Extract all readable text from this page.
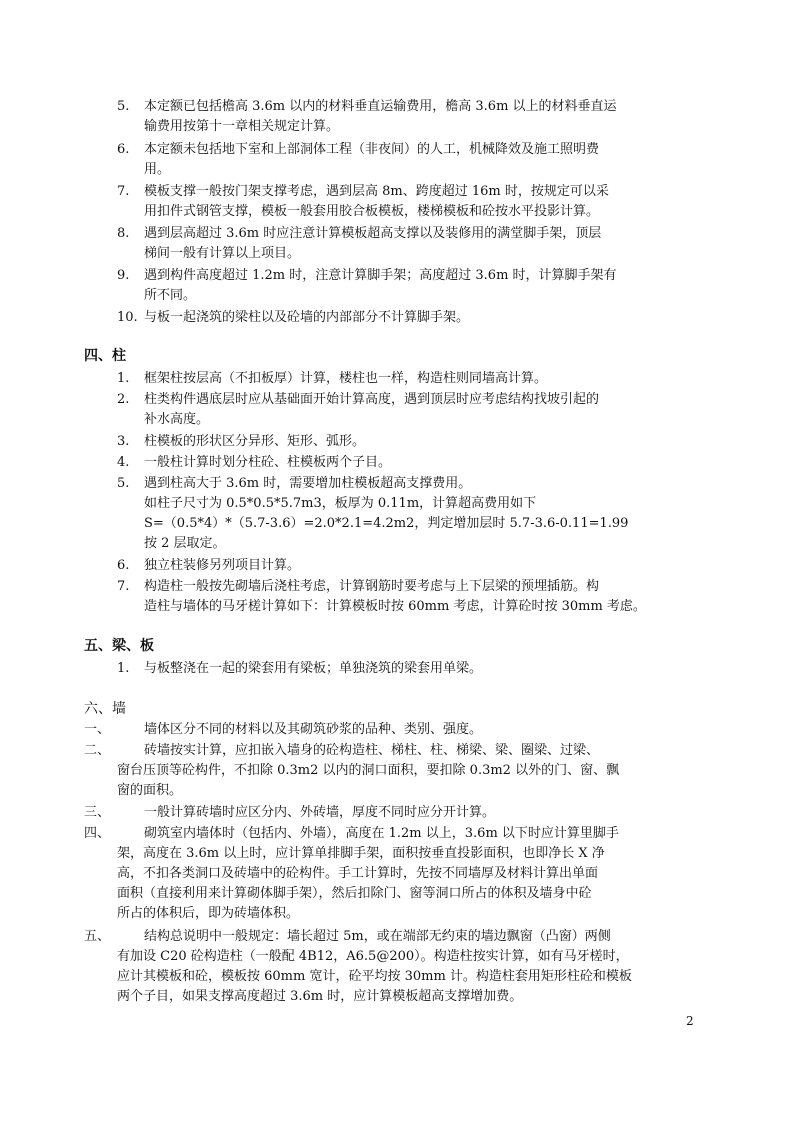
5. 本定额已包括檐高 3.6m 以内的材料垂直运输费用，檐高 3.6m 以上的材料垂直运
输费用按第十一章相关规定计算。
6. 本定额未包括地下室和上部洞体工程（非夜间）的人工，机械降效及施工照明费
用。
7. 模板支撑一般按门架支撑考虑，遇到层高 8m、跨度超过 16m 时，按规定可以采
用扣件式钢管支撑，模板一般套用胶合板模板，楼梯模板和砼按水平投影计算。
8. 遇到层高超过 3.6m 时应注意计算模板超高支撑以及装修用的满堂脚手架，顶层
梯间一般有计算以上项目。
9. 遇到构件高度超过 1.2m 时，注意计算脚手架；高度超过 3.6m 时，计算脚手架有
所不同。
10. 与板一起浇筑的梁柱以及砼墙的内部部分不计算脚手架。
四、柱
1. 框架柱按层高（不扣板厚）计算，楼柱也一样，构造柱则同墙高计算。
2. 柱类构件遇底层时应从基础面开始计算高度，遇到顶层时应考虑结构找坡引起的
补水高度。
3. 柱模板的形状区分异形、矩形、弧形。
4. 一般柱计算时划分柱砼、柱模板两个子目。
5. 遇到柱高大于 3.6m 时，需要增加柱模板超高支撑费用。
如柱子尺寸为 0.5*0.5*5.7m3，板厚为 0.11m，计算超高费用如下
S=（0.5*4）*（5.7-3.6）=2.0*2.1=4.2m2，判定增加层时 5.7-3.6-0.11=1.99
按 2 层取定。
6. 独立柱装修另列项目计算。
7. 构造柱一般按先砌墙后浇柱考虑，计算钢筋时要考虑与上下层梁的预埋插筋。构
造柱与墙体的马牙槎计算如下：计算模板时按 60mm 考虑，计算砼时按 30mm 考虑。
五、梁、板
1. 与板整浇在一起的梁套用有梁板；单独浇筑的梁套用单梁。
六、墙
一、	墙体区分不同的材料以及其砌筑砂浆的品种、类别、强度。
二、	砖墙按实计算，应扣嵌入墙身的砼构造柱、梯柱、柱、梯梁、梁、圈梁、过梁、
窗台压顶等砼构件，不扣除 0.3m2 以内的洞口面积，要扣除 0.3m2 以外的门、窗、飘
窗的面积。
三、	一般计算砖墙时应区分内、外砖墙，厚度不同时应分开计算。
四、	砌筑室内墙体时（包括内、外墙），高度在 1.2m 以上，3.6m 以下时应计算里脚手
架，高度在 3.6m 以上时，应计算单排脚手架，面积按垂直投影面积，也即净长 X 净
高，不扣各类洞口及砖墙中的砼构件。手工计算时，先按不同墙厚及材料计算出单面
面积（直接利用来计算砌体脚手架），然后扣除门、窗等洞口所占的体积及墙身中砼
所占的体积后，即为砖墙体积。
五、	结构总说明中一般规定：墙长超过 5m，或在端部无约束的墙边飘窗（凸窗）两侧
有加设 C20 砼构造柱（一般配 4B12，A6.5@200）。构造柱按实计算，如有马牙槎时，
应计其模板和砼，模板按 60mm 宽计，砼平均按 30mm 计。构造柱套用矩形柱砼和模板
两个子目，如果支撑高度超过 3.6m 时，应计算模板超高支撑增加费。
2
